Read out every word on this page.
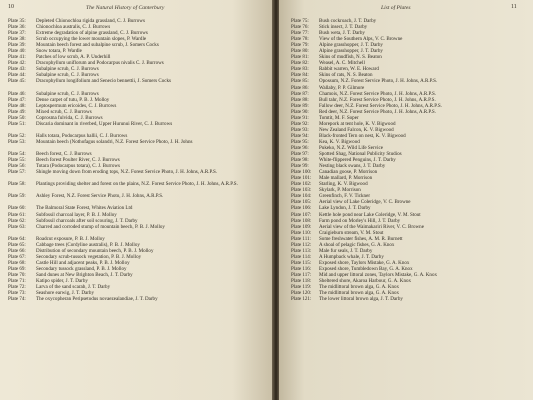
10	The Natural History of Canterbury
Plate 35: Depleted Chionochloa rigida grassland, C. J. Burrows
Plate 36: Chionochloa australis, C. J. Burrows
Plate 37: Extreme degradation of alpine grassland, C. J. Burrows
Plate 38: Scrub occupying the lower mountain slopes, P. Wardle
Plate 39: Mountain beech forest and subalpine scrub, J. Somers Cocks
Plate 40: Snow totara, P. Wardle
Plate 41: Patches of low scrub, A. P. Underhill
Plate 42: Dracophyllum uniflorum and Podocarpus nivalis C. J. Burrows
Plate 43: Subalpine scrub, C. J. Burrows
Plate 44: Subalpine scrub, C. J. Burrows
Plate 45: Dracophyllum longifolium and Senecio bennettii, J. Somers Cocks
Plate 46: Subalpine scrub, C. J. Burrows
Plate 47: Dense carpet of tutu, P. B. J. Molloy
Plate 48: Leptospermum ericoides, C. J. Burrows
Plate 49: Mixed scrub, C. J. Burrows
Plate 50: Coprosma fulvida, C. J. Burrows
Plate 51: Discaria dominant in riverbed, Upper Hurunui River, C. J. Burrows
Plate 52: Halls totara, Podocarpus hallii, C. J. Burrows
Plate 53: Mountain beech (Nothofagus solandri, N.Z. Forest Service Photo, J. H. Johns
Plate 54: Beech forest, C. J. Burrows
Plate 55: Beech forest Poulter River, C. J. Burrows
Plate 56: Totara (Podocarpus totara), C. J. Burrows
Plate 57: Shingle moving down from eroding tops, N.Z. Forest Service Photo, J. H. Johns, A.R.P.S.
Plate 58: Plantings providing shelter and forest on the plains, N.Z. Forest Service Photo, J. H. Johns, A.R.P.S.
Plate 59: Ashley Forest, N.Z. Forest Service Photo, J. H. Johns, A.R.P.S.
Plate 60: The Balmoral State Forest, Whites Aviation Ltd
Plate 61: Subfossil charcoal layer, P. B. J. Molloy
Plate 62: Subfossil charcoals after soil scouring, J. T. Darby
Plate 63: Charred and corroded stump of mountain beech, P. B. J. Molloy
Plate 64: Roadcut exposure, P. B. J. Molloy
Plate 65: Cabbage trees (Cordyline australis), P. B. J. Molloy
Plate 66: Distribution of secondary mountain beech, P. B. J. Molloy
Plate 67: Secondary scrub-tussock vegetation, P. B. J. Molloy
Plate 68: Castle Hill and adjacent peaks, P. B. J. Molloy
Plate 69: Secondary tussock grassland, P. B. J. Molloy
Plate 70: Sand dunes at New Brighton Beach, J. T. Darby
Plate 71: Katipo spider, J. T. Darby
Plate 72: Larva of the sand scarab, J. T. Darby
Plate 73: Seashore earwig, J. T. Darby
Plate 74: The oxycopheran Peripsetodus novaezealandiae, J. T. Darby
List of Plates	11
Plate 75: Bush cockroach, J. T. Darby
Plate 76: Stick insect, J. T. Darby
Plate 77: Bush weta, J. T. Darby
Plate 78: View of the Southern Alps, V. C. Browne
Plate 79: Alpine grasshopper, J. T. Darby
Plate 80: Alpine grasshopper, J. T. Darby
Plate 81: Skins of mudfish, N. S. Beaton
Plate 82: Weasel, A. C. Mitchell
Plate 83: Rabbit warren, W. E. Howard
Plate 84: Skins of rats, N. S. Beaton
Plate 85: Opossum, N.Z. Forest Service Photo, J. H. Johns, A.R.P.S.
Plate 86: Wallaby, P. P. Gilmore
Plate 87: Chamois, N.Z. Forest Service Photo, J. H. Johns, A.R.P.S.
Plate 88: Bull tahr, N.Z. Forest Service Photo, J. H. Johns, A.R.P.S.
Plate 89: Fallow deer, N.Z. Forest Service Photo, J. H. Johns, A.R.P.S.
Plate 90: Red deer, N.Z. Forest Service Photo, J. H. Johns, A.R.P.S.
Plate 91: Tomtit, M. F. Soper
Plate 92: Morepork at tent hole, K. V. Bigwood
Plate 93: New Zealand Falcon, K. V. Bigwood
Plate 94: Black-fronted Tern on nest, K. V. Bigwood
Plate 95: Kea, K. V. Bigwood
Plate 96: Pukeko, N.Z. Wild Life Service
Plate 97: Spotted Shag, National Publicity Studios
Plate 98: White-flippered Penguins, J. T. Darby
Plate 99: Nesting black swans, J. T. Darby
Plate 100: Canadian goose, P. Morrison
Plate 101: Male mallard, P. Morrison
Plate 102: Starling, K. V. Bigwood
Plate 103: Skylark, P. Morrison
Plate 104: Greenfinch, F. V. Tickner
Plate 105: Aerial view of Lake Coleridge, V. C. Browne
Plate 106: Lake Lyndon, J. T. Darby
Plate 107: Kettle hole pond near Lake Coleridge, V. M. Stout
Plate 108: Farm pond on Morley's Hill, J. T. Darby
Plate 109: Aerial view of the Waimakariri River, V. C. Browne
Plate 110: Craigieburn stream, V. M. Stout
Plate 111: Some freshwater fishes, A. M. R. Burnett
Plate 112: A shoal of pelagic fishes, G. A. Knox
Plate 113: Male fur seals, J. T. Darby
Plate 114: A Humpback whale, J. T. Darby
Plate 115: Exposed shore, Taylors Mistake, G. A. Knox
Plate 116: Exposed shore, Tumbledown Bay, G. A. Knox
Plate 117: Mid and upper littoral zones, Taylors Mistake, G. A. Knox
Plate 118: Sheltered shore, Akaroa Harbour, G. A. Knox
Plate 119: The midlittoral brown alga, G. A. Knox
Plate 120: The midlittoral brown alga, G. A. Knox
Plate 121: The lower littoral brown alga, J. T. Darby
